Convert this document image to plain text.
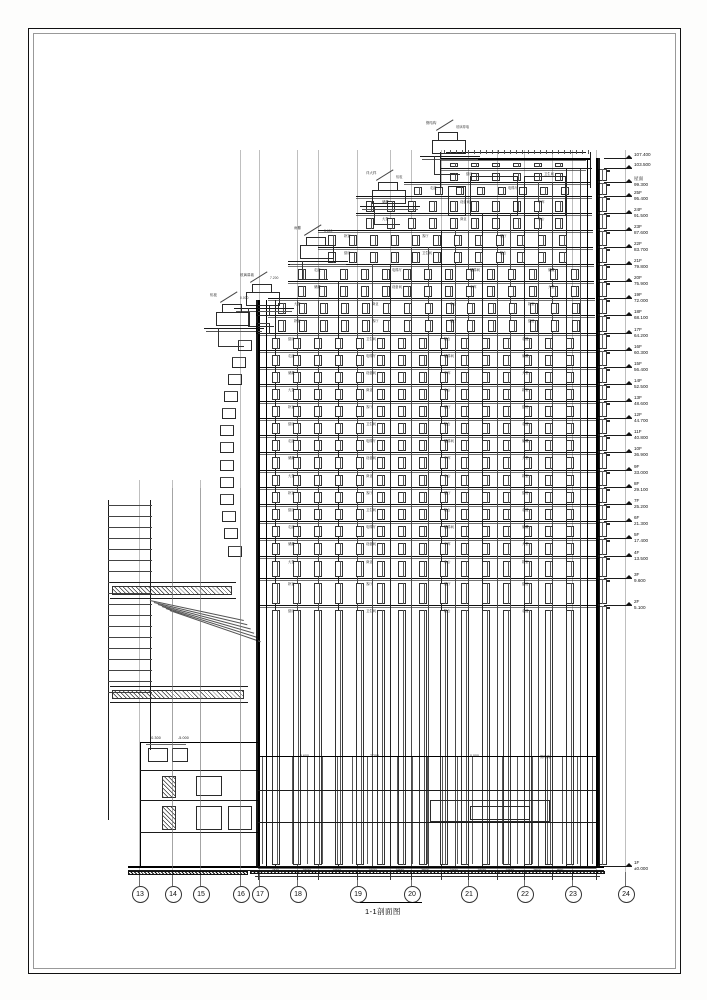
13	14	15	16	17	18	19	20	21	22	23	24
107.400
103.500
屋面
99.300
25F
95.400
24F
91.500
23F
87.600
22F
83.700
21F
79.800
20F
75.900
19F
72.000
18F
68.100
17F
64.200
16F
60.300
15F
56.400
14F
52.500
13F
48.600
12F
44.700
11F
40.800
10F
36.900
9F
33.000
8F
29.100
7F
25.200
6F
21.300
5F
17.400
4F
13.500
3F
9.600
2F
5.100
1F
±0.000
厨房	卫生间
走道	电梯厅
储藏	设备间	车库
大堂	商业	办公
卧室	客厅	餐厅
厨房	卫生间	阳台
走道	电梯厅	楼梯间	储藏
储藏	设备间	车库	大堂
大堂	商业	办公	卧室
卧室	客厅	餐厅	厨房
厨房	卫生间	阳台	走道
走道	电梯厅	楼梯间	储藏
储藏	设备间	车库	大堂
大堂	商业	办公	卧室
卧室	客厅	餐厅	厨房
厨房	卫生间	阳台	走道
走道	电梯厅	楼梯间	储藏
储藏	设备间	车库	大堂
大堂	商业	办公	卧室
卧室	客厅	餐厅	厨房
厨房	卫生间	阳台	走道
走道	电梯厅	楼梯间	储藏
储藏	设备间	车库	大堂
大堂	商业	办公	卧室
卧室	客厅	餐厅	厨房
厨房	卫生间	阳台	走道
钢结构
玻璃幕墙
详大样
铝板
雨棚
3.600
玻璃幕墙
7.200
铝板
0.000
-0.300	-5.000
3.600	7.200	0.000	钢结构
1-1剖面图
